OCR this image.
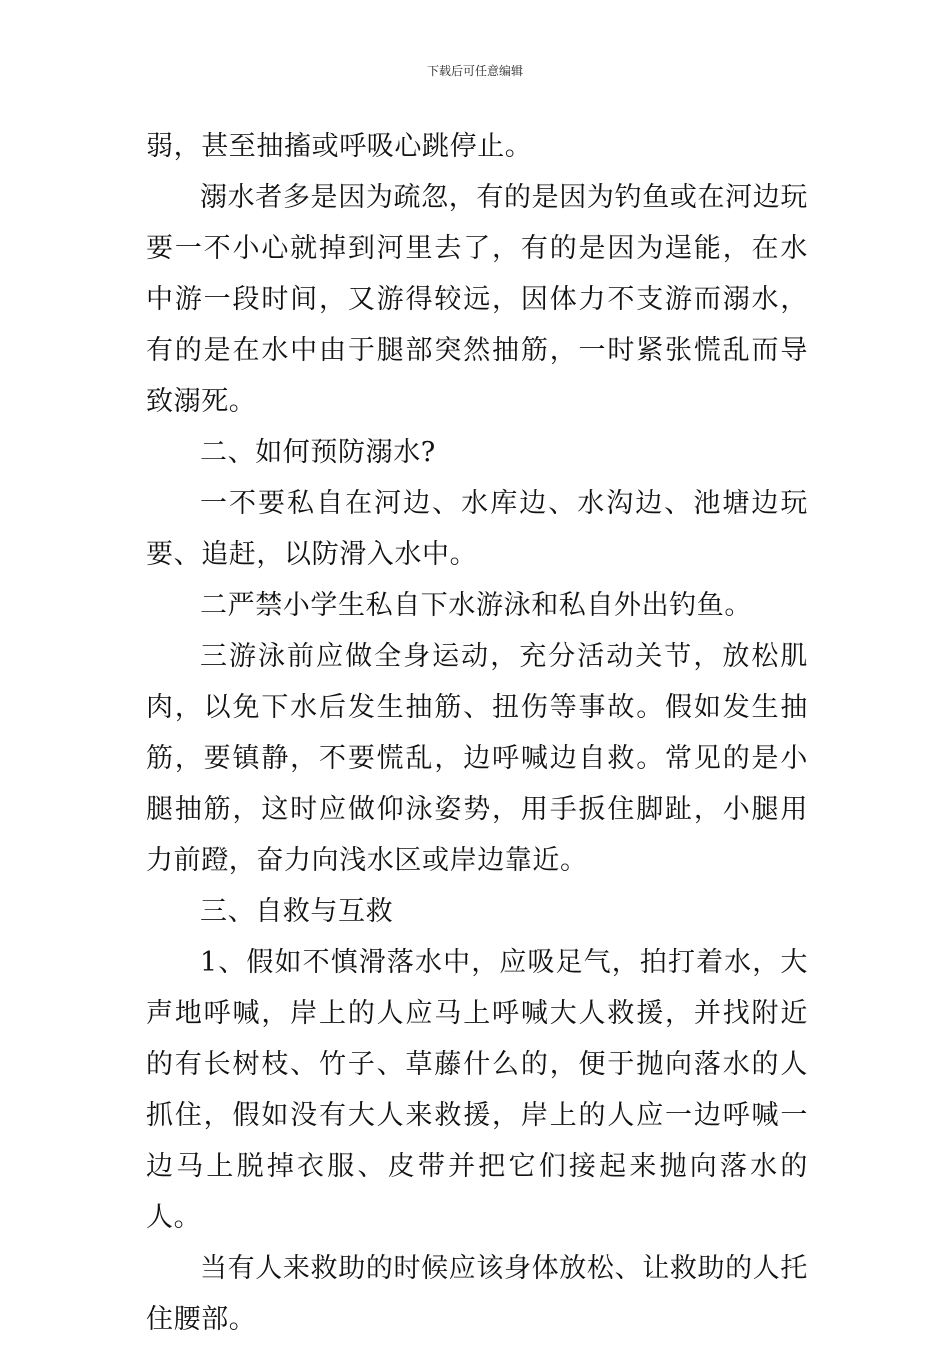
下载后可任意编辑

弱，甚至抽搐或呼吸心跳停止。

溺水者多是因为疏忽，有的是因为钓鱼或在河边玩要一不小心就掉到河里去了，有的是因为逞能，在水中游一段时间，又游得较远，因体力不支游而溺水，有的是在水中由于腿部突然抽筋，一时紧张慌乱而导致溺死。

二、如何预防溺水?

一不要私自在河边、水库边、水沟边、池塘边玩要、追赶，以防滑入水中。

二严禁小学生私自下水游泳和私自外出钓鱼。

三游泳前应做全身运动，充分活动关节，放松肌肉，以免下水后发生抽筋、扭伤等事故。假如发生抽筋，要镇静，不要慌乱，边呼喊边自救。常见的是小腿抽筋，这时应做仰泳姿势，用手扳住脚趾，小腿用力前蹬，奋力向浅水区或岸边靠近。

三、自救与互救

1、假如不慎滑落水中，应吸足气，拍打着水，大声地呼喊，岸上的人应马上呼喊大人救援，并找附近的有长树枝、竹子、草藤什么的，便于抛向落水的人抓住，假如没有大人来救援，岸上的人应一边呼喊一边马上脱掉衣服、皮带并把它们接起来抛向落水的人。

当有人来救助的时候应该身体放松、让救助的人托住腰部。
